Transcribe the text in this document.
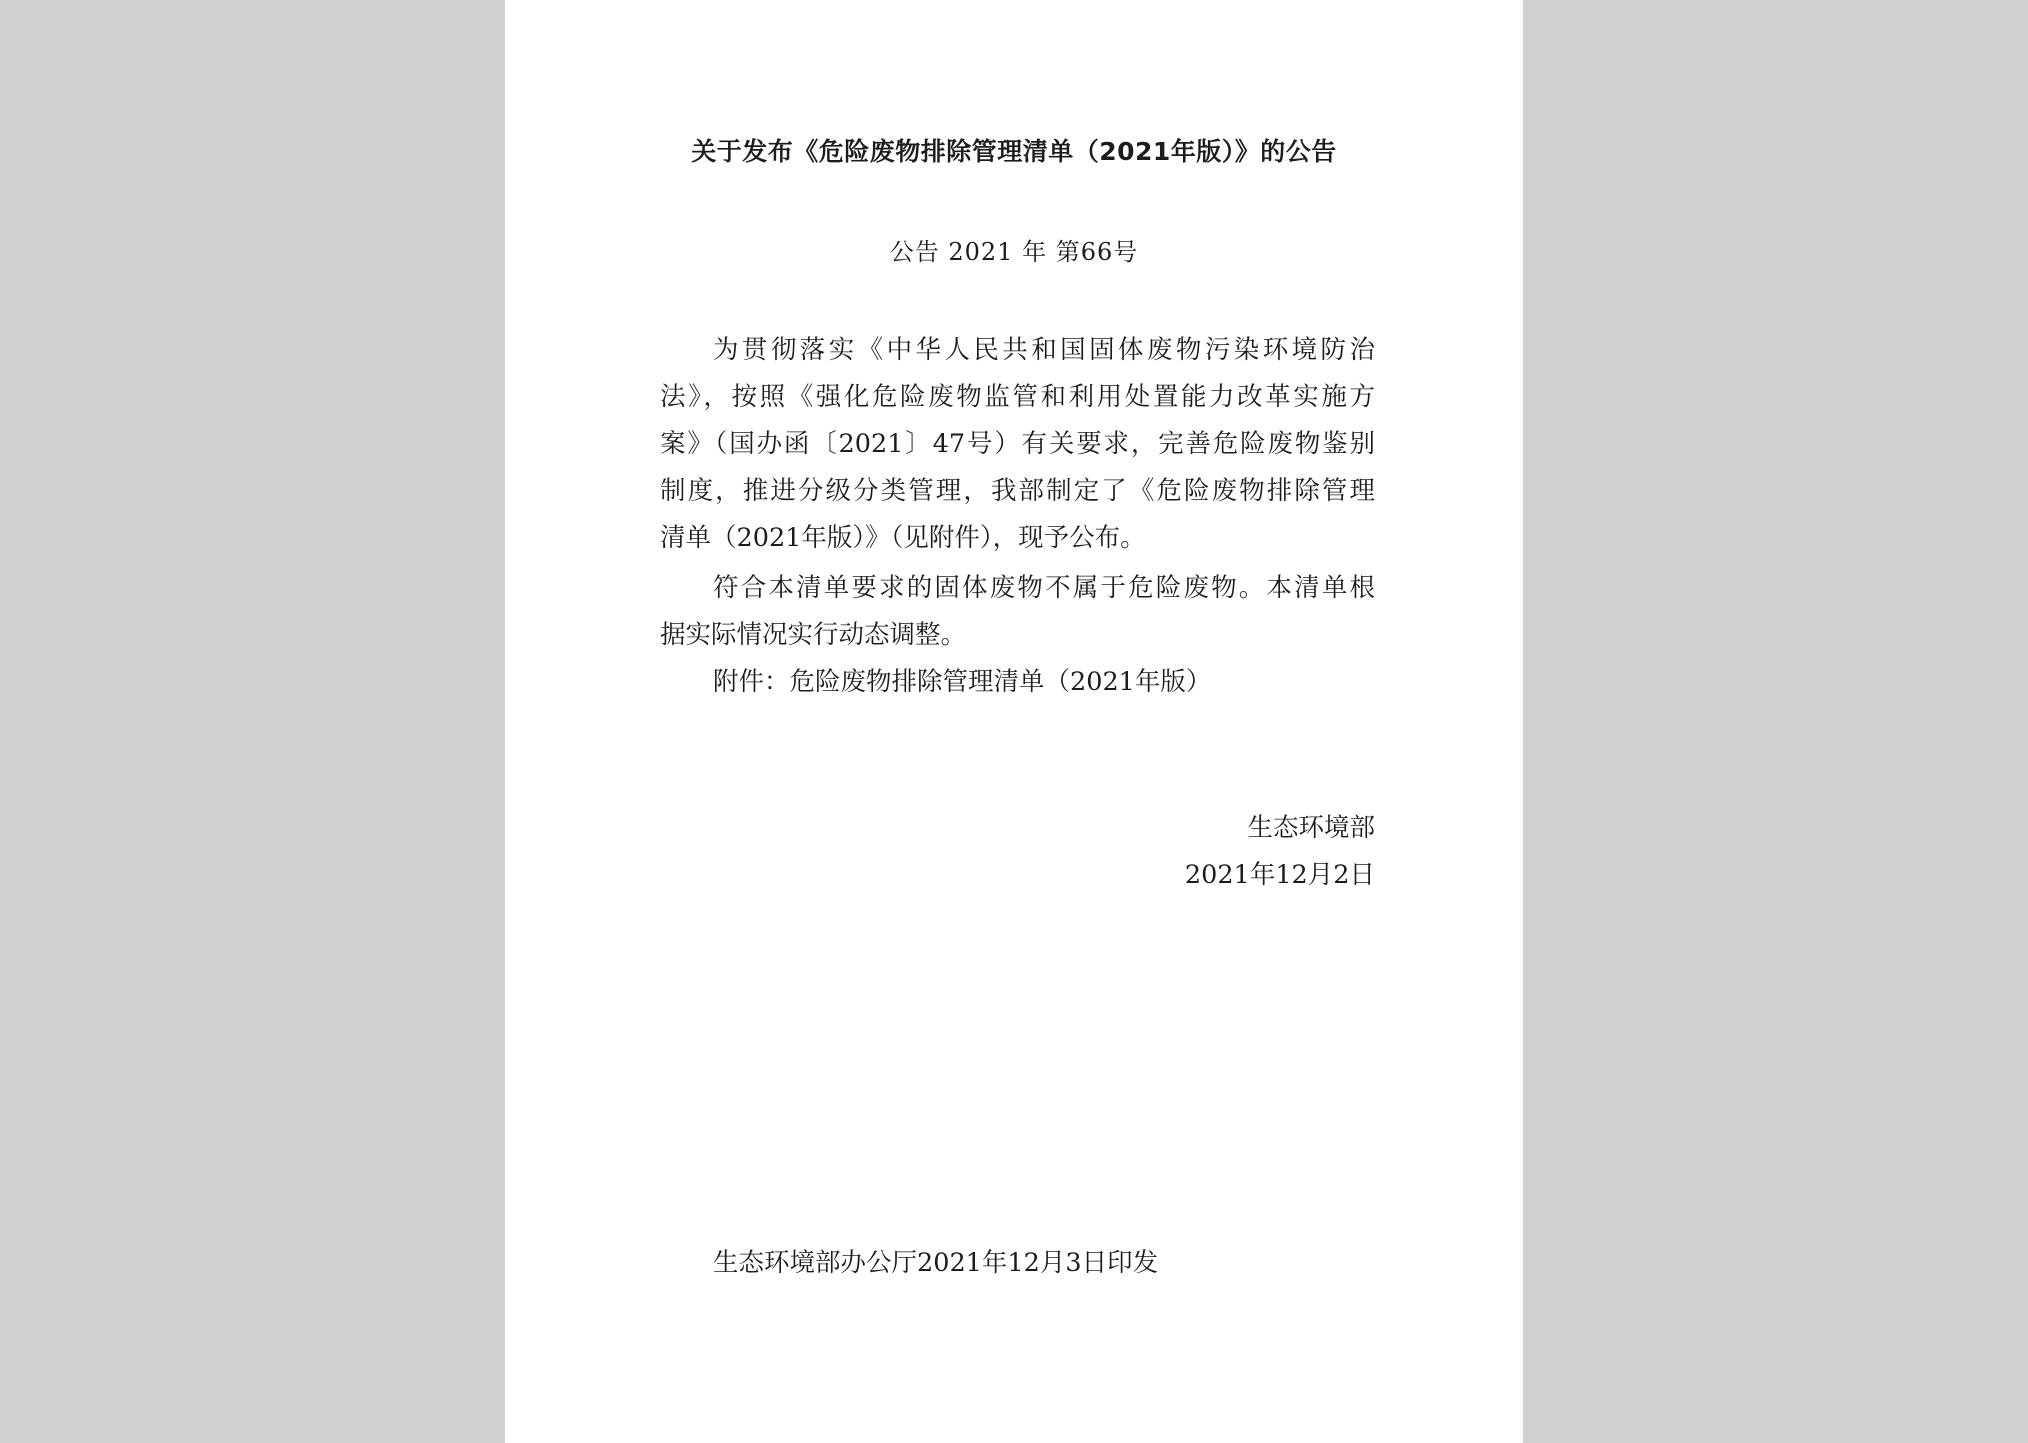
关于发布《危险废物排除管理清单（2021年版）》的公告

公告 2021 年 第66号

为贯彻落实《中华人民共和国固体废物污染环境防治

法》，按照《强化危险废物监管和利用处置能力改革实施方

案》（国办函〔2021〕47号）有关要求，完善危险废物鉴别

制度，推进分级分类管理，我部制定了《危险废物排除管理

清单（2021年版）》（见附件），现予公布。

符合本清单要求的固体废物不属于危险废物。本清单根

据实际情况实行动态调整。

附件：危险废物排除管理清单（2021年版）

生态环境部

2021年12月2日

生态环境部办公厅2021年12月3日印发
